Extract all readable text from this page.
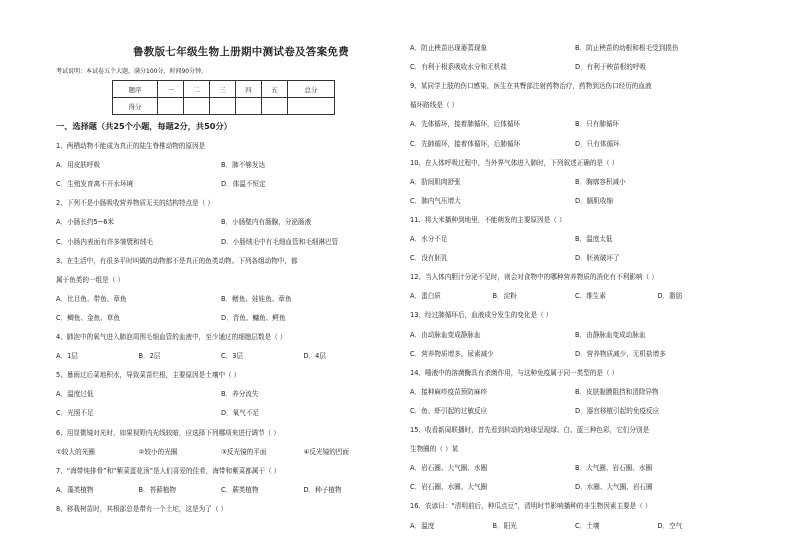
鲁教版七年级生物上册期中测试卷及答案免费
考试说明：本试卷五个大题，满分100分，时间90分钟。
题序	一	二	三	四	五	总分
得分						
一、选择题（共25个小题，每题2分，共50分）
1、两栖动物不能成为真正的陆生脊椎动物的原因是
A．用皮肤呼吸	B．肺不够发达
C．生殖发育离不开水环境	D．体温不恒定
2、下列不是小肠吸收营养物质无关的结构特点是（ ）
A．小肠长约5~6米	B．小肠壁内有肠腺，分泌肠液
C．小肠内表面有许多皱襞和绒毛	D．小肠绒毛中有毛细血管和毛细淋巴管
3、在生活中，有很多平时叫做的动物都不是真正的鱼类动物。下列各组动物中，都
属于鱼类的一组是（ ）
A．比目鱼、带鱼、章鱼	B．鳝鱼、娃娃鱼、章鱼
C．鲫鱼、金鱼、草鱼	D．青鱼、鳙鱼、鳄鱼
4、肺泡中的氧气进入肺泡周围毛细血管的血液中，至少通过的细胞层数是（ ）
A．1层	B．2层	C．3层	D．4层
5、暴雨过后菜地积水，导致菜苗烂根，主要原因是土壤中（ ）
A．温度过低	B．养分流失
C．光照不足	D．氧气不足
6、用显微镜对光时，如果视野内光线较暗，应选择下列哪项来进行调节（ ）
①较大的光圈	②较小的光圈	③反光镜的平面	④反光镜的凹面
7、“海带炖排骨”和“紫菜蛋花汤”是人们喜爱的佳肴，海带和紫菜都属于（ ）
A．藻类植物	B．苔藓植物	C．蕨类植物	D．种子植物
8、移栽树苗时，其根部总是带有一个土坨，这是为了（ ）
A．防止秧苗出现萎蔫现象	B．防止秧苗的幼根和根毛受到损伤
C．有利于根系吸收水分和无机盐	D．有利于秧苗根的呼吸
9、某同学上肢的伤口感染，医生在其臀部注射药物治疗，药物到达伤口经历的血液
循环路线是（ ）
A．先体循环，接着肺循环，后体循环	B．只有肺循环
C．先肺循环，接着体循环，后肺循环	D．只有体循环
10、在人体呼吸过程中，当外界气体进入肺时，下列叙述正确的是（ ）
A．肋间肌肉舒张	B．胸廓容积减小
C．肺内气压增大	D．膈肌收缩
11、将大米播种到地里，不能萌发的主要原因是（ ）
A．水分不足	B．温度太低
C．没有胚乳	D．胚被破坏了
12、当人体内胆汁分泌不足时，则会对食物中的哪种营养物质的消化有不利影响（ ）
A．蛋白质	B．淀粉	C．维生素	D．脂肪
13、经过肺循环后，血液成分发生的变化是（ ）
A．由动脉血变成静脉血	B．由静脉血变成动脉血
C．营养物质增多，尿素减少	D．营养物质减少，无机盐增多
14、唾液中的溶菌酶具有杀菌作用，与这种免疫属于同一类型的是（ ）
A．接种麻疹疫苗预防麻疹	B．皮肤黏膜阻挡和清除异物
C．鱼、虾引起的过敏反应	D．器官移植引起的免疫反应
15、收看新闻联播时，首先看到转动的地球呈现绿、白、蓝三种色彩，它们分别是
生物圈的（ ）某
A．岩石圈、大气圈、水圈	B．大气圈、岩石圈、水圈
C．岩石圈、水圈、大气圈	D．水圈、大气圈、岩石圈
16、农谚曰：“清明前后，种瓜点豆”，清明时节影响播种的非生物因素主要是（ ）
A．温度	B．阳光	C．土壤	D．空气
